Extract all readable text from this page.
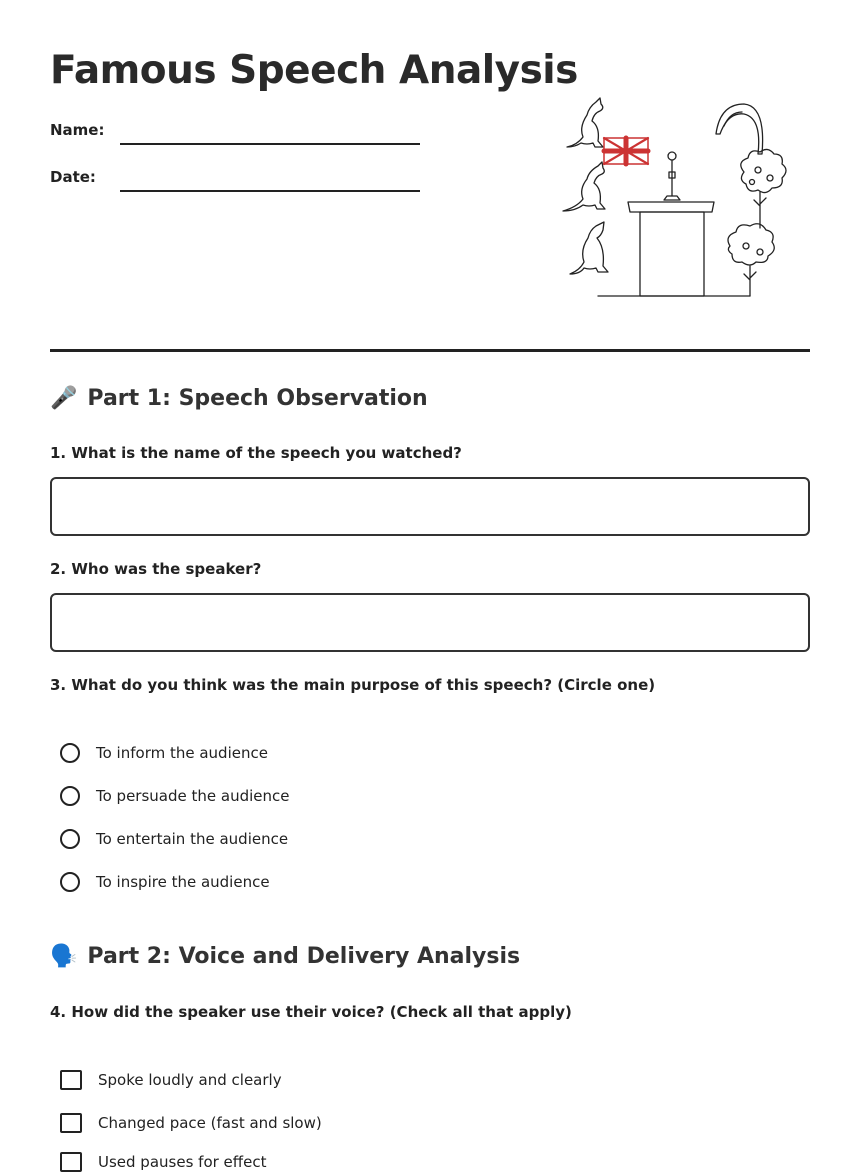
Famous Speech Analysis
Name:
Date:
🎤 Part 1: Speech Observation
1. What is the name of the speech you watched?
2. Who was the speaker?
3. What do you think was the main purpose of this speech? (Circle one)
To inform the audience
To persuade the audience
To entertain the audience
To inspire the audience
🗣️ Part 2: Voice and Delivery Analysis
4. How did the speaker use their voice? (Check all that apply)
Spoke loudly and clearly
Changed pace (fast and slow)
Used pauses for effect
